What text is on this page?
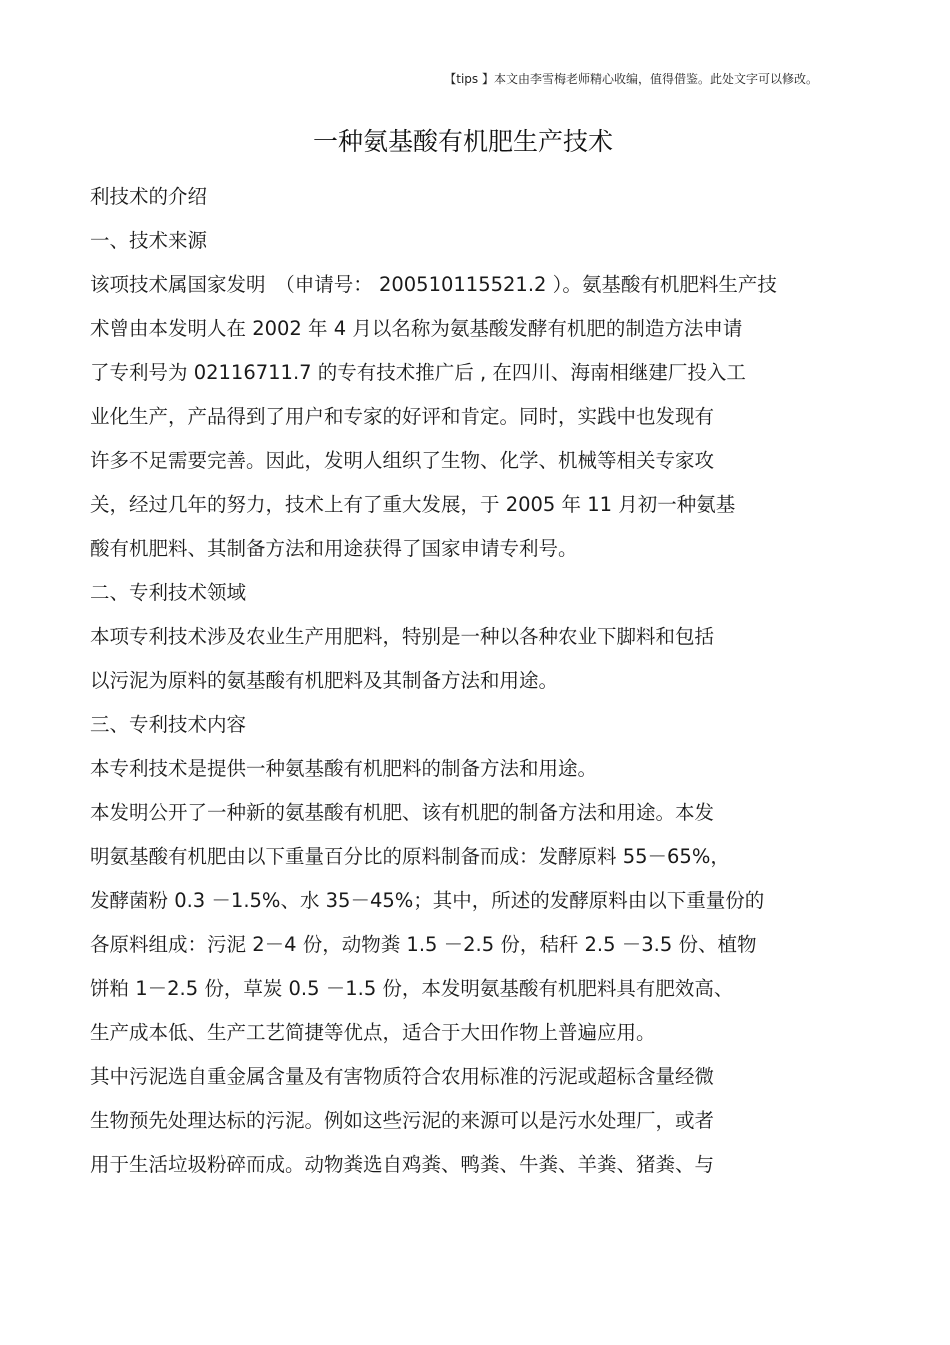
【tips 】本文由李雪梅老师精心收编，值得借鉴。此处文字可以修改。
一种氨基酸有机肥生产技术
利技术的介绍
一、技术来源
该项技术属国家发明　（申请号： 200510115521.2 ）。氨基酸有机肥料生产技
术曾由本发明人在 2002 年 4 月以名称为氨基酸发酵有机肥的制造方法申请
了专利号为 02116711.7 的专有技术推广后 , 在四川、海南相继建厂投入工
业化生产，产品得到了用户和专家的好评和肯定。同时，实践中也发现有
许多不足需要完善。因此，发明人组织了生物、化学、机械等相关专家攻
关，经过几年的努力，技术上有了重大发展，于 2005 年 11 月初一种氨基
酸有机肥料、其制备方法和用途获得了国家申请专利号。
二、专利技术领域
本项专利技术涉及农业生产用肥料，特别是一种以各种农业下脚料和包括
以污泥为原料的氨基酸有机肥料及其制备方法和用途。
三、专利技术内容
本专利技术是提供一种氨基酸有机肥料的制备方法和用途。
本发明公开了一种新的氨基酸有机肥、该有机肥的制备方法和用途。本发
明氨基酸有机肥由以下重量百分比的原料制备而成：发酵原料 55－65%，
发酵菌粉 0.3 －1.5%、水 35－45%；其中，所述的发酵原料由以下重量份的
各原料组成：污泥 2－4 份，动物粪 1.5 －2.5 份，秸秆 2.5 －3.5 份、植物
饼粕 1－2.5 份，草炭 0.5 －1.5 份，本发明氨基酸有机肥料具有肥效高、
生产成本低、生产工艺简捷等优点，适合于大田作物上普遍应用。
其中污泥选自重金属含量及有害物质符合农用标准的污泥或超标含量经微
生物预先处理达标的污泥。例如这些污泥的来源可以是污水处理厂，或者
用于生活垃圾粉碎而成。动物粪选自鸡粪、鸭粪、牛粪、羊粪、猪粪、与
